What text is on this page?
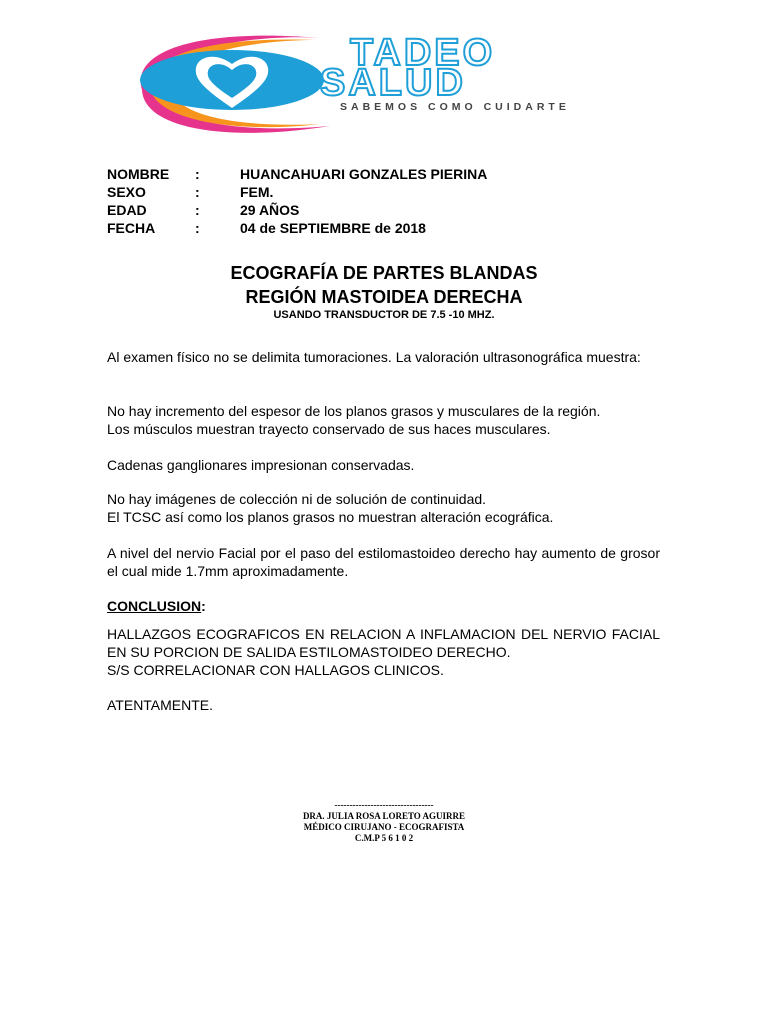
TADEO
SALUD
SABEMOS COMO CUIDARTE
NOMBRE :	HUANCAHUARI GONZALES PIERINA
SEXO	:	FEM.
EDAD	:	29 AÑOS
FECHA	:	04 de SEPTIEMBRE de 2018
ECOGRAFÍA DE PARTES BLANDAS
REGIÓN MASTOIDEA DERECHA
USANDO TRANSDUCTOR DE 7.5 -10 MHZ.

Al examen físico no se delimita tumoraciones. La valoración ultrasonográfica muestra:

No hay incremento del espesor de los planos grasos y musculares de la región.

Los músculos muestran trayecto conservado de sus haces musculares.

Cadenas ganglionares impresionan conservadas.

No hay imágenes de colección ni de solución de continuidad.

El TCSC así como los planos grasos no muestran alteración ecográfica.

A nivel del nervio Facial por el paso del estilomastoideo derecho hay aumento de grosor el cual mide 1.7mm aproximadamente.

CONCLUSION:

HALLAZGOS ECOGRAFICOS EN RELACION A INFLAMACION DEL NERVIO FACIAL EN SU PORCION DE SALIDA ESTILOMASTOIDEO DERECHO.

S/S CORRELACIONAR CON HALLAGOS CLINICOS.

ATENTAMENTE.

---------------------------------
DRA. JULIA ROSA LORETO AGUIRRE
MÉDICO CIRUJANO - ECOGRAFISTA
C.M.P 5 6 1 0 2
